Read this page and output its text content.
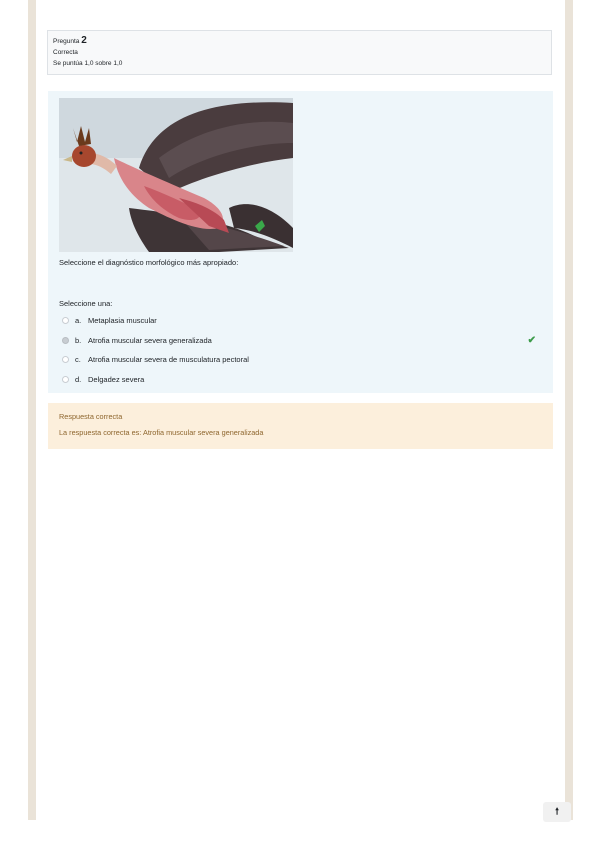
Pregunta 2
Correcta
Se puntúa 1,0 sobre 1,0
Seleccione el diagnóstico morfológico más apropiado:
Seleccione una:
a. Metaplasia muscular
b. Atrofia muscular severa generalizada	✔
c. Atrofia muscular severa de musculatura pectoral
d. Delgadez severa
Respuesta correcta
La respuesta correcta es: Atrofia muscular severa generalizada
🠕
